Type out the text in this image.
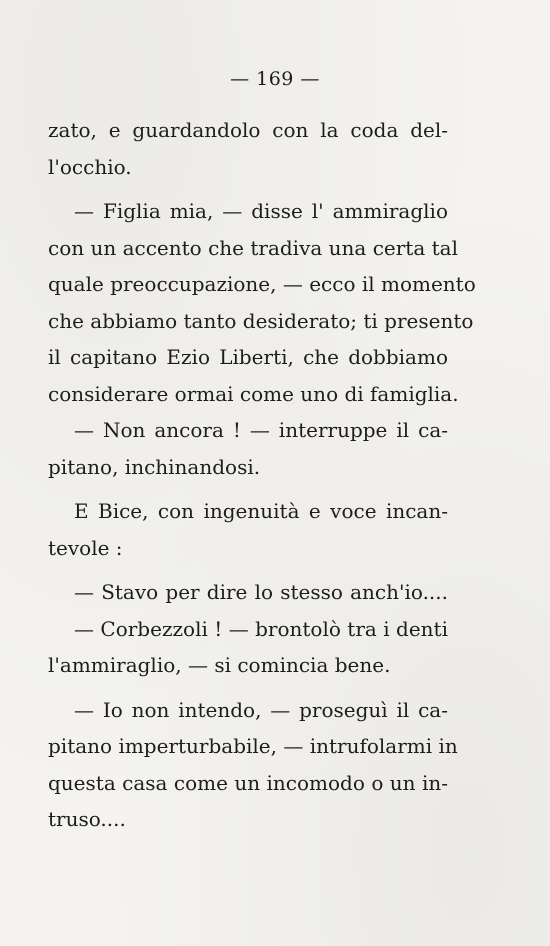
— 169 —
zato, e guardandolo con la coda del-
l'occhio.
— Figlia mia, — disse l' ammiraglio
con un accento che tradiva una certa tal
quale preoccupazione, — ecco il momento
che abbiamo tanto desiderato; ti presento
il capitano Ezio Liberti, che dobbiamo
considerare ormai come uno di famiglia.
— Non ancora ! — interruppe il ca-
pitano, inchinandosi.
E Bice, con ingenuità e voce incan-
tevole :
— Stavo per dire lo stesso anch'io....
— Corbezzoli ! — brontolò tra i denti
l'ammiraglio, — si comincia bene.
— Io non intendo, — proseguì il ca-
pitano imperturbabile, — intrufolarmi in
questa casa come un incomodo o un in-
truso....
